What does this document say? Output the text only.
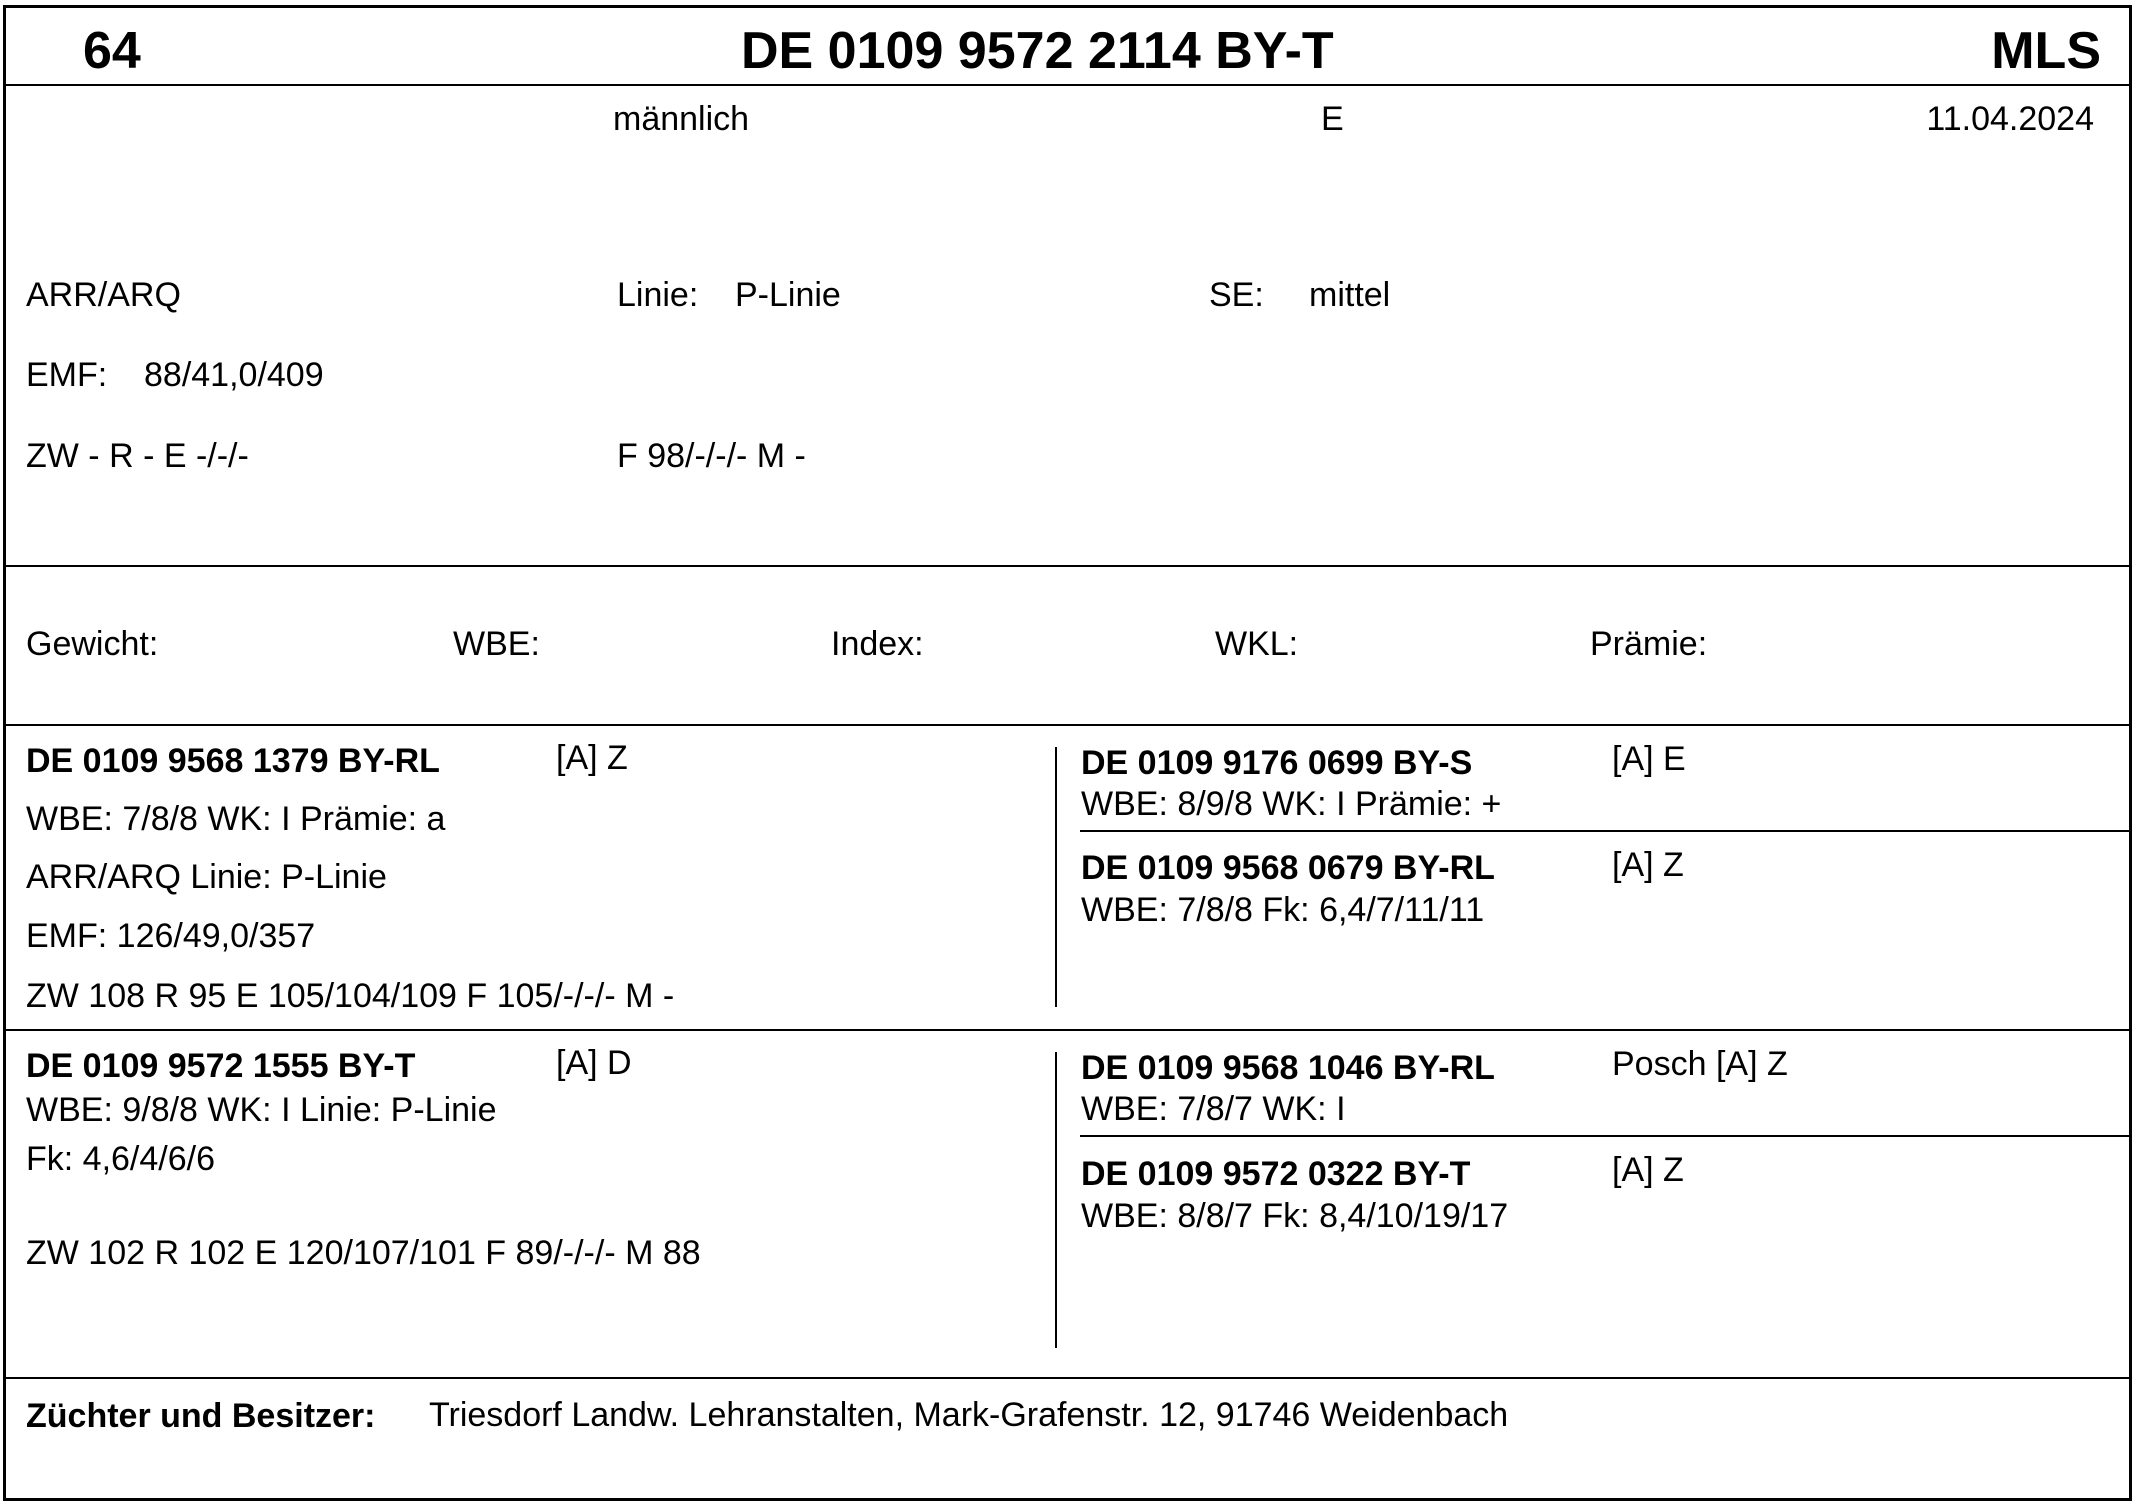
64	DE 0109 9572 2114 BY-T	MLS
männlich	E	11.04.2024
ARR/ARQ	Linie: P-Linie	SE: mittel
EMF: 88/41,0/409
ZW - R - E -/-/-	F 98/-/-/- M -
Gewicht:	WBE:	Index:	WKL:	Prämie:
DE 0109 9568 1379 BY-RL	[A] Z
WBE: 7/8/8 WK: I Prämie: a
ARR/ARQ Linie: P-Linie
EMF: 126/49,0/357
ZW 108 R 95 E 105/104/109 F 105/-/-/- M -
DE 0109 9176 0699 BY-S	[A] E
WBE: 8/9/8 WK: I Prämie: +
DE 0109 9568 0679 BY-RL	[A] Z
WBE: 7/8/8 Fk: 6,4/7/11/11
DE 0109 9572 1555 BY-T	[A] D
WBE: 9/8/8 WK: I Linie: P-Linie
Fk: 4,6/4/6/6
ZW 102 R 102 E 120/107/101 F 89/-/-/- M 88
DE 0109 9568 1046 BY-RL	Posch [A] Z
WBE: 7/8/7 WK: I
DE 0109 9572 0322 BY-T	[A] Z
WBE: 8/8/7 Fk: 8,4/10/19/17
Züchter und Besitzer: Triesdorf Landw. Lehranstalten, Mark-Grafenstr. 12, 91746 Weidenbach
